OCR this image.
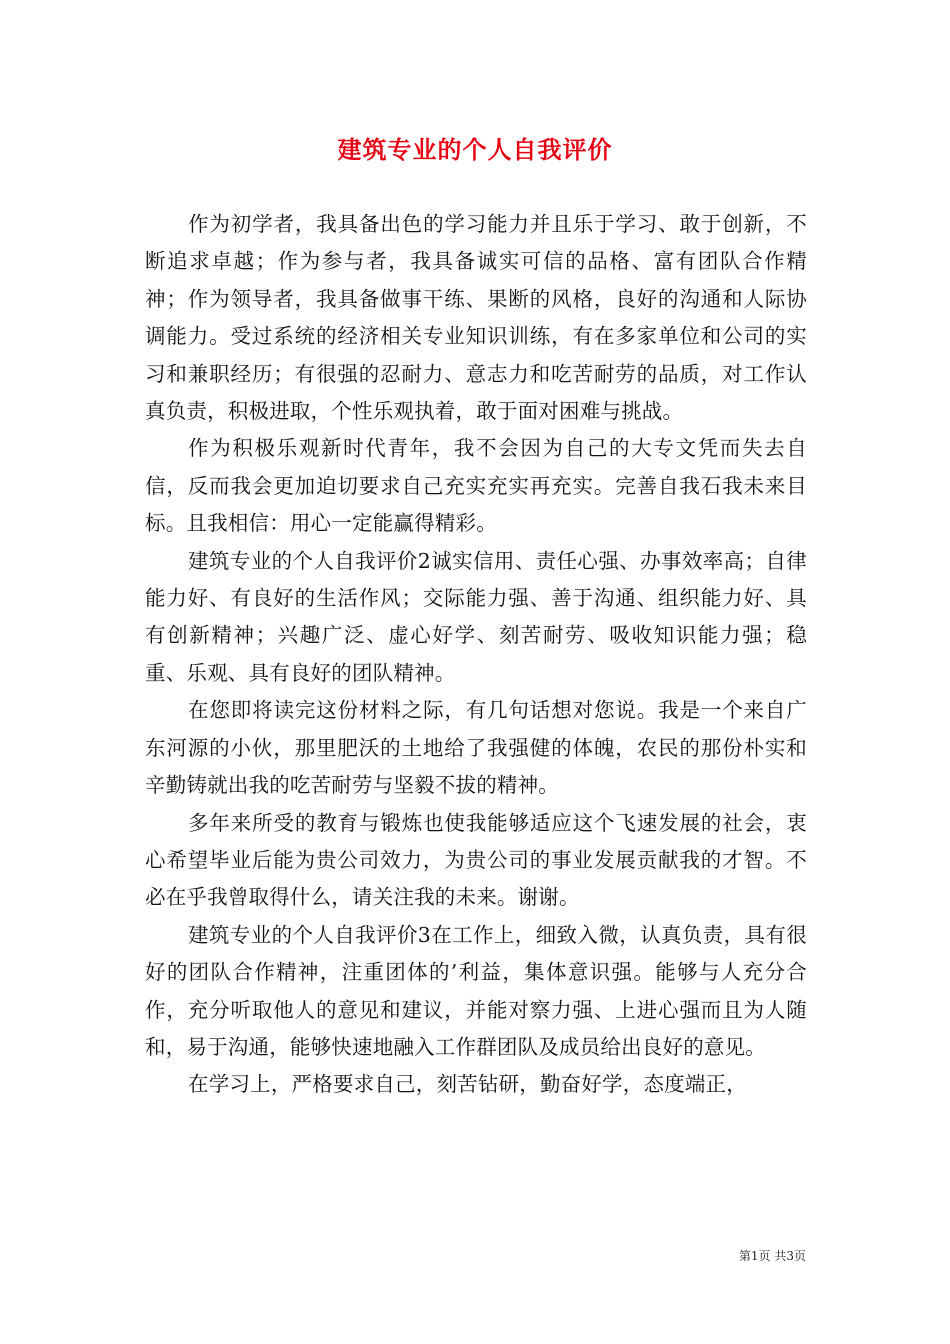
建筑专业的个人自我评价

作为初学者，我具备出色的学习能力并且乐于学习、敢于创新，不断追求卓越；作为参与者，我具备诚实可信的品格、富有团队合作精神；作为领导者，我具备做事干练、果断的风格，良好的沟通和人际协调能力。受过系统的经济相关专业知识训练，有在多家单位和公司的实习和兼职经历；有很强的忍耐力、意志力和吃苦耐劳的品质，对工作认真负责，积极进取，个性乐观执着，敢于面对困难与挑战。

作为积极乐观新时代青年，我不会因为自己的大专文凭而失去自信，反而我会更加迫切要求自己充实充实再充实。完善自我石我未来目标。且我相信：用心一定能赢得精彩。

建筑专业的个人自我评价2诚实信用、责任心强、办事效率高；自律能力好、有良好的生活作风；交际能力强、善于沟通、组织能力好、具有创新精神；兴趣广泛、虚心好学、刻苦耐劳、吸收知识能力强；稳重、乐观、具有良好的团队精神。

在您即将读完这份材料之际，有几句话想对您说。我是一个来自广东河源的小伙，那里肥沃的土地给了我强健的体魄，农民的那份朴实和辛勤铸就出我的吃苦耐劳与坚毅不拔的精神。

多年来所受的教育与锻炼也使我能够适应这个飞速发展的社会，衷心希望毕业后能为贵公司效力，为贵公司的事业发展贡献我的才智。不必在乎我曾取得什么，请关注我的未来。谢谢。

建筑专业的个人自我评价3在工作上，细致入微，认真负责，具有很好的团队合作精神，注重团体的’利益，集体意识强。能够与人充分合作，充分听取他人的意见和建议，并能对察力强、上进心强而且为人随和，易于沟通，能够快速地融入工作群团队及成员给出良好的意见。

在学习上，严格要求自己，刻苦钻研，勤奋好学，态度端正，

第1页 共3页
